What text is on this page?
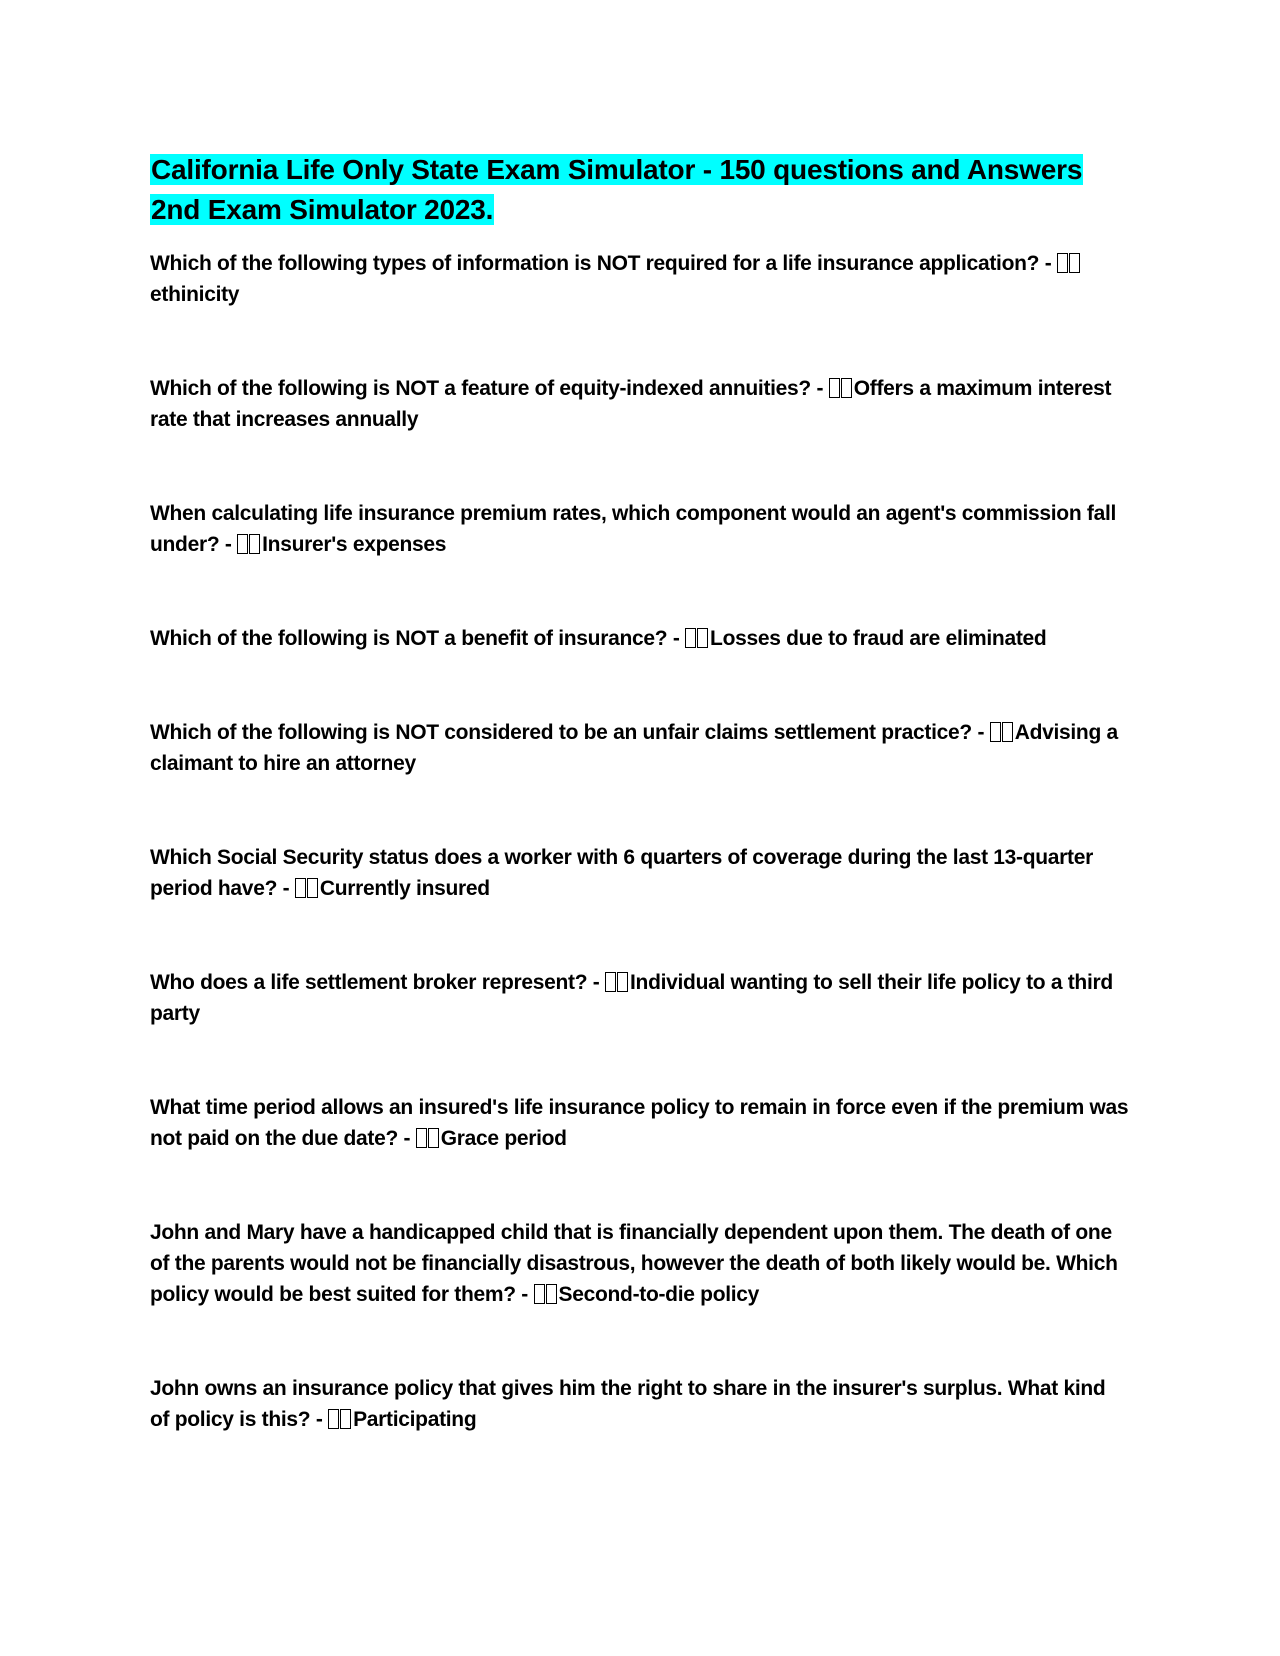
California Life Only State Exam Simulator - 150 questions and Answers 2nd Exam Simulator 2023.
Which of the following types of information is NOT required for a life insurance application? - ethinicity
Which of the following is NOT a feature of equity-indexed annuities? - Offers a maximum interest rate that increases annually
When calculating life insurance premium rates, which component would an agent's commission fall under? - Insurer's expenses
Which of the following is NOT a benefit of insurance? - Losses due to fraud are eliminated
Which of the following is NOT considered to be an unfair claims settlement practice? - Advising a claimant to hire an attorney
Which Social Security status does a worker with 6 quarters of coverage during the last 13-quarter period have? - Currently insured
Who does a life settlement broker represent? - Individual wanting to sell their life policy to a third party
What time period allows an insured's life insurance policy to remain in force even if the premium was not paid on the due date? - Grace period
John and Mary have a handicapped child that is financially dependent upon them. The death of one of the parents would not be financially disastrous, however the death of both likely would be. Which policy would be best suited for them? - Second-to-die policy
John owns an insurance policy that gives him the right to share in the insurer's surplus. What kind of policy is this? - Participating
